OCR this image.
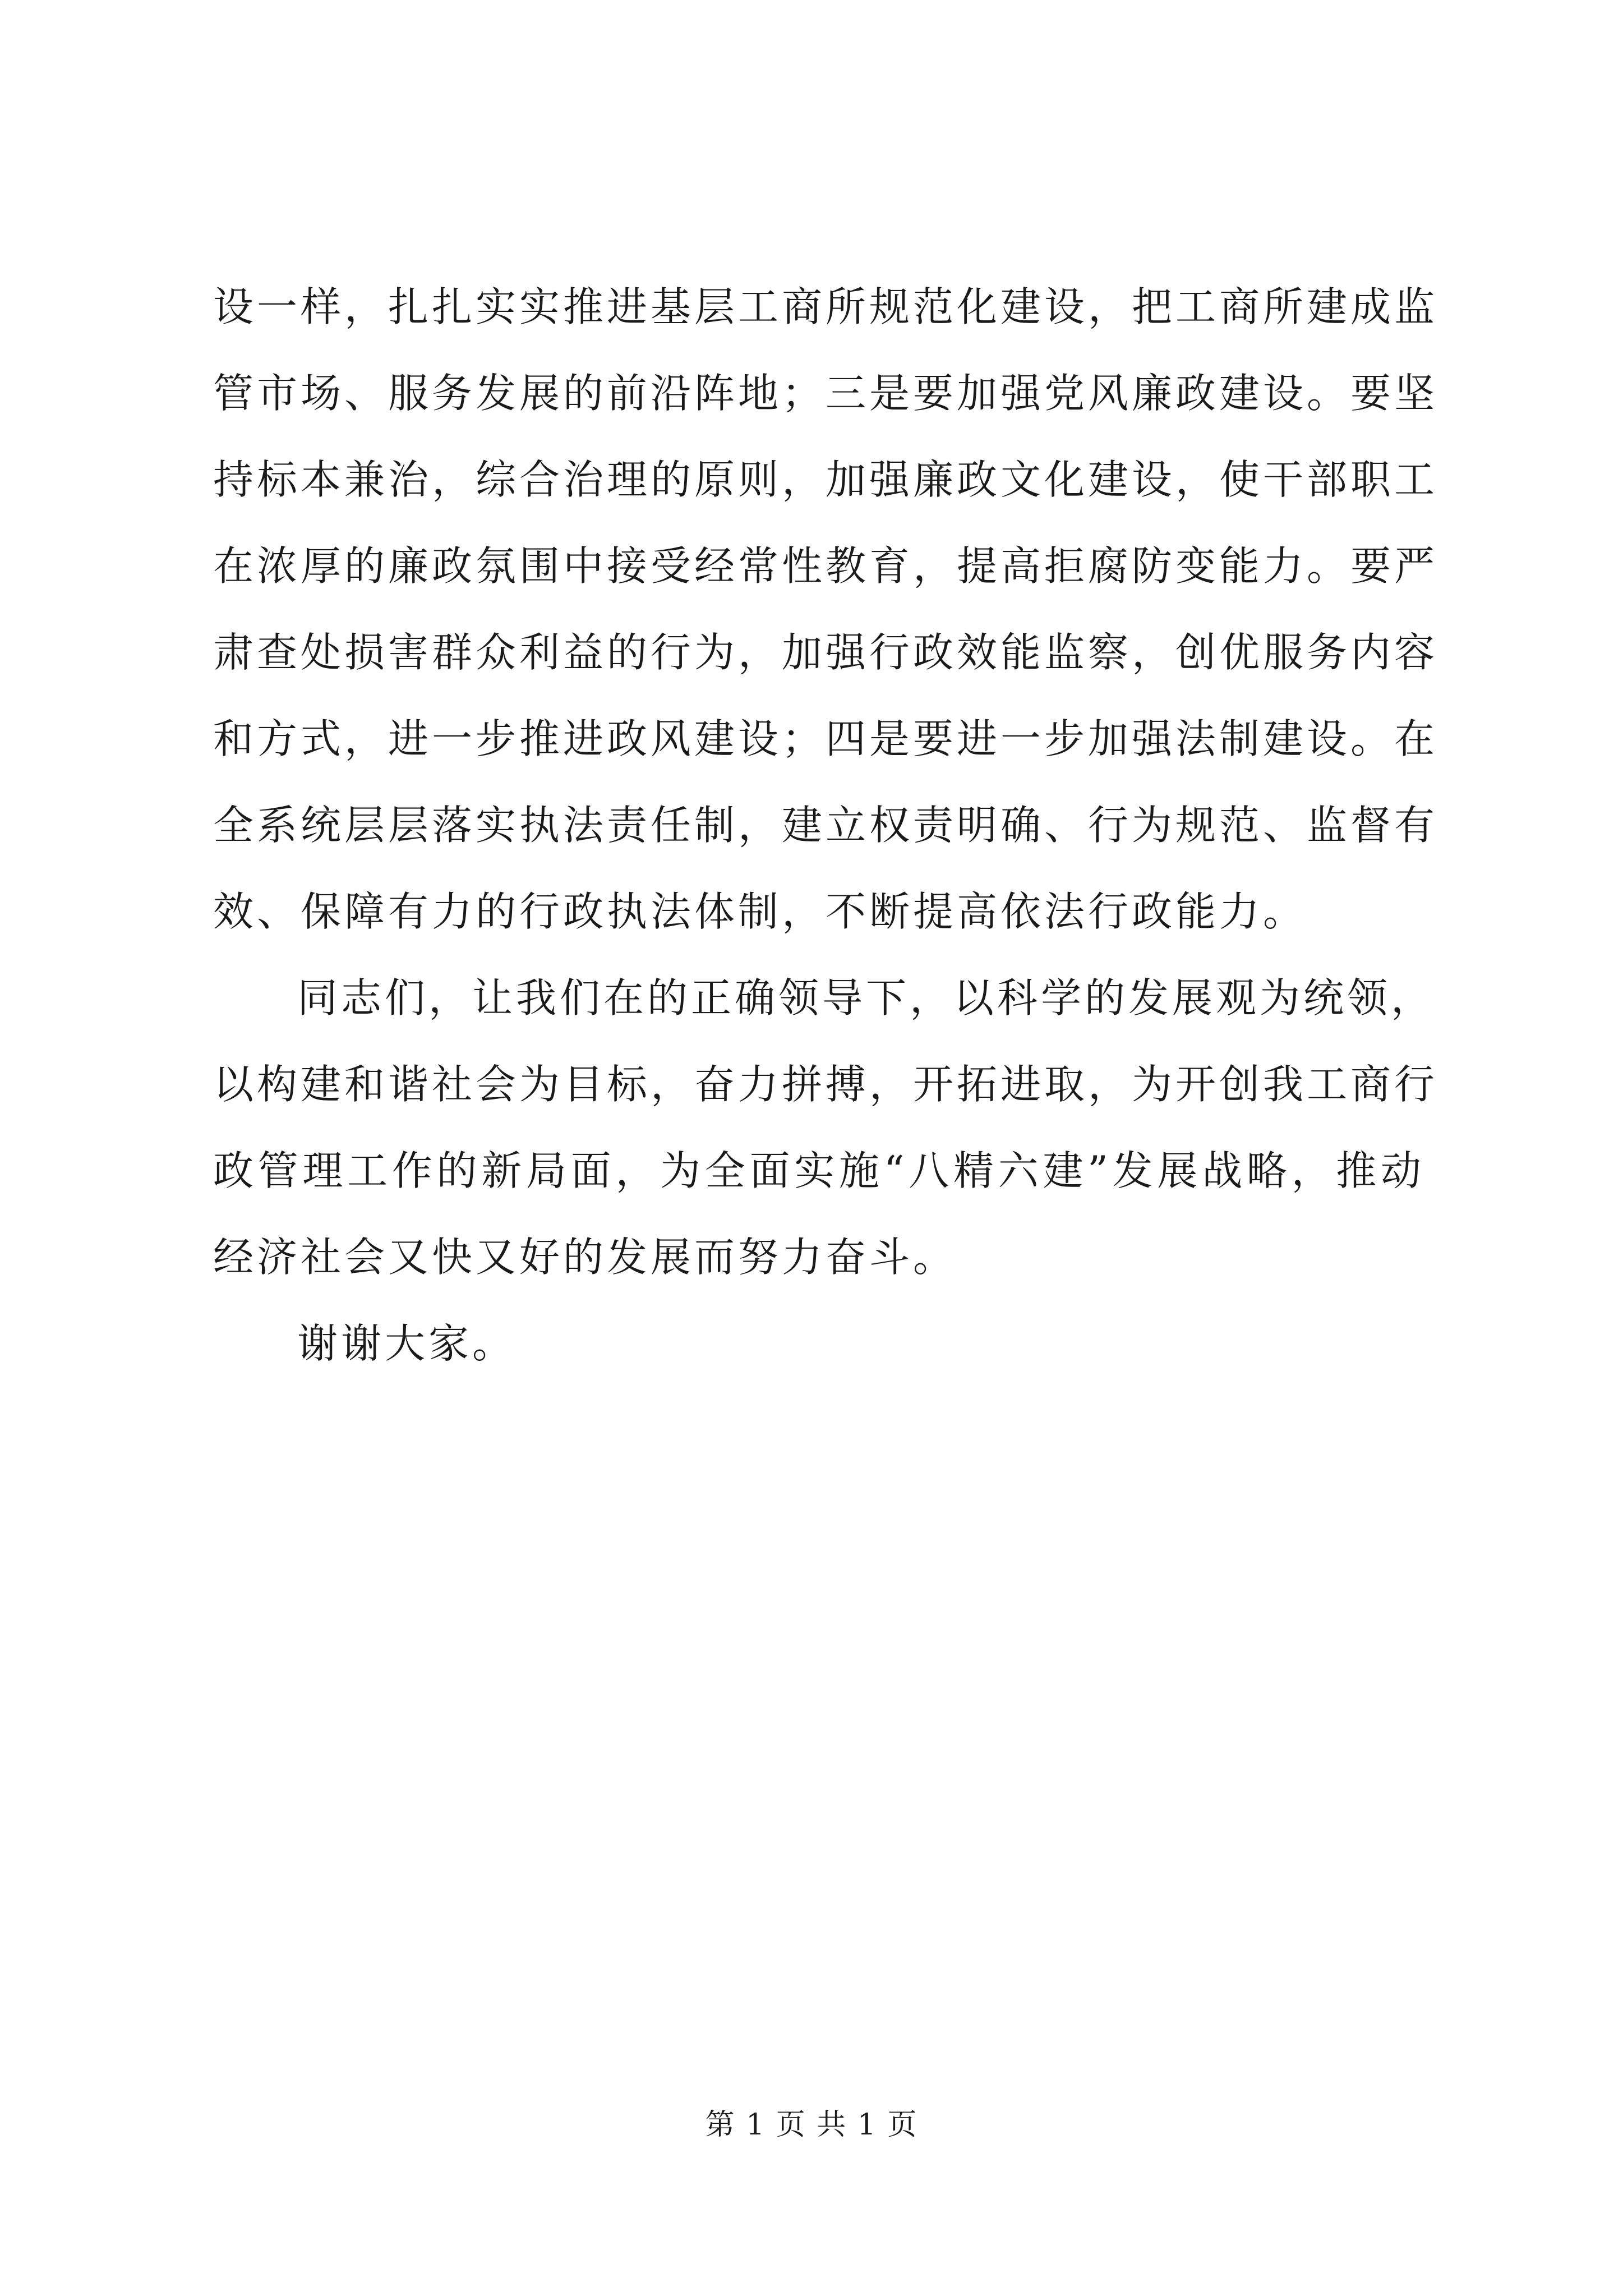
设一样，扎扎实实推进基层工商所规范化建设，把工商所建成监
管市场、服务发展的前沿阵地；三是要加强党风廉政建设。要坚
持标本兼治，综合治理的原则，加强廉政文化建设，使干部职工
在浓厚的廉政氛围中接受经常性教育，提高拒腐防变能力。要严
肃查处损害群众利益的行为，加强行政效能监察，创优服务内容
和方式，进一步推进政风建设；四是要进一步加强法制建设。在
全系统层层落实执法责任制，建立权责明确、行为规范、监督有
效、保障有力的行政执法体制，不断提高依法行政能力。
同志们，让我们在的正确领导下，以科学的发展观为统领，
以构建和谐社会为目标，奋力拼搏，开拓进取，为开创我工商行
政管理工作的新局面，为全面实施“八精六建”发展战略，推动
经济社会又快又好的发展而努力奋斗。
谢谢大家。
第 1 页 共 1 页
